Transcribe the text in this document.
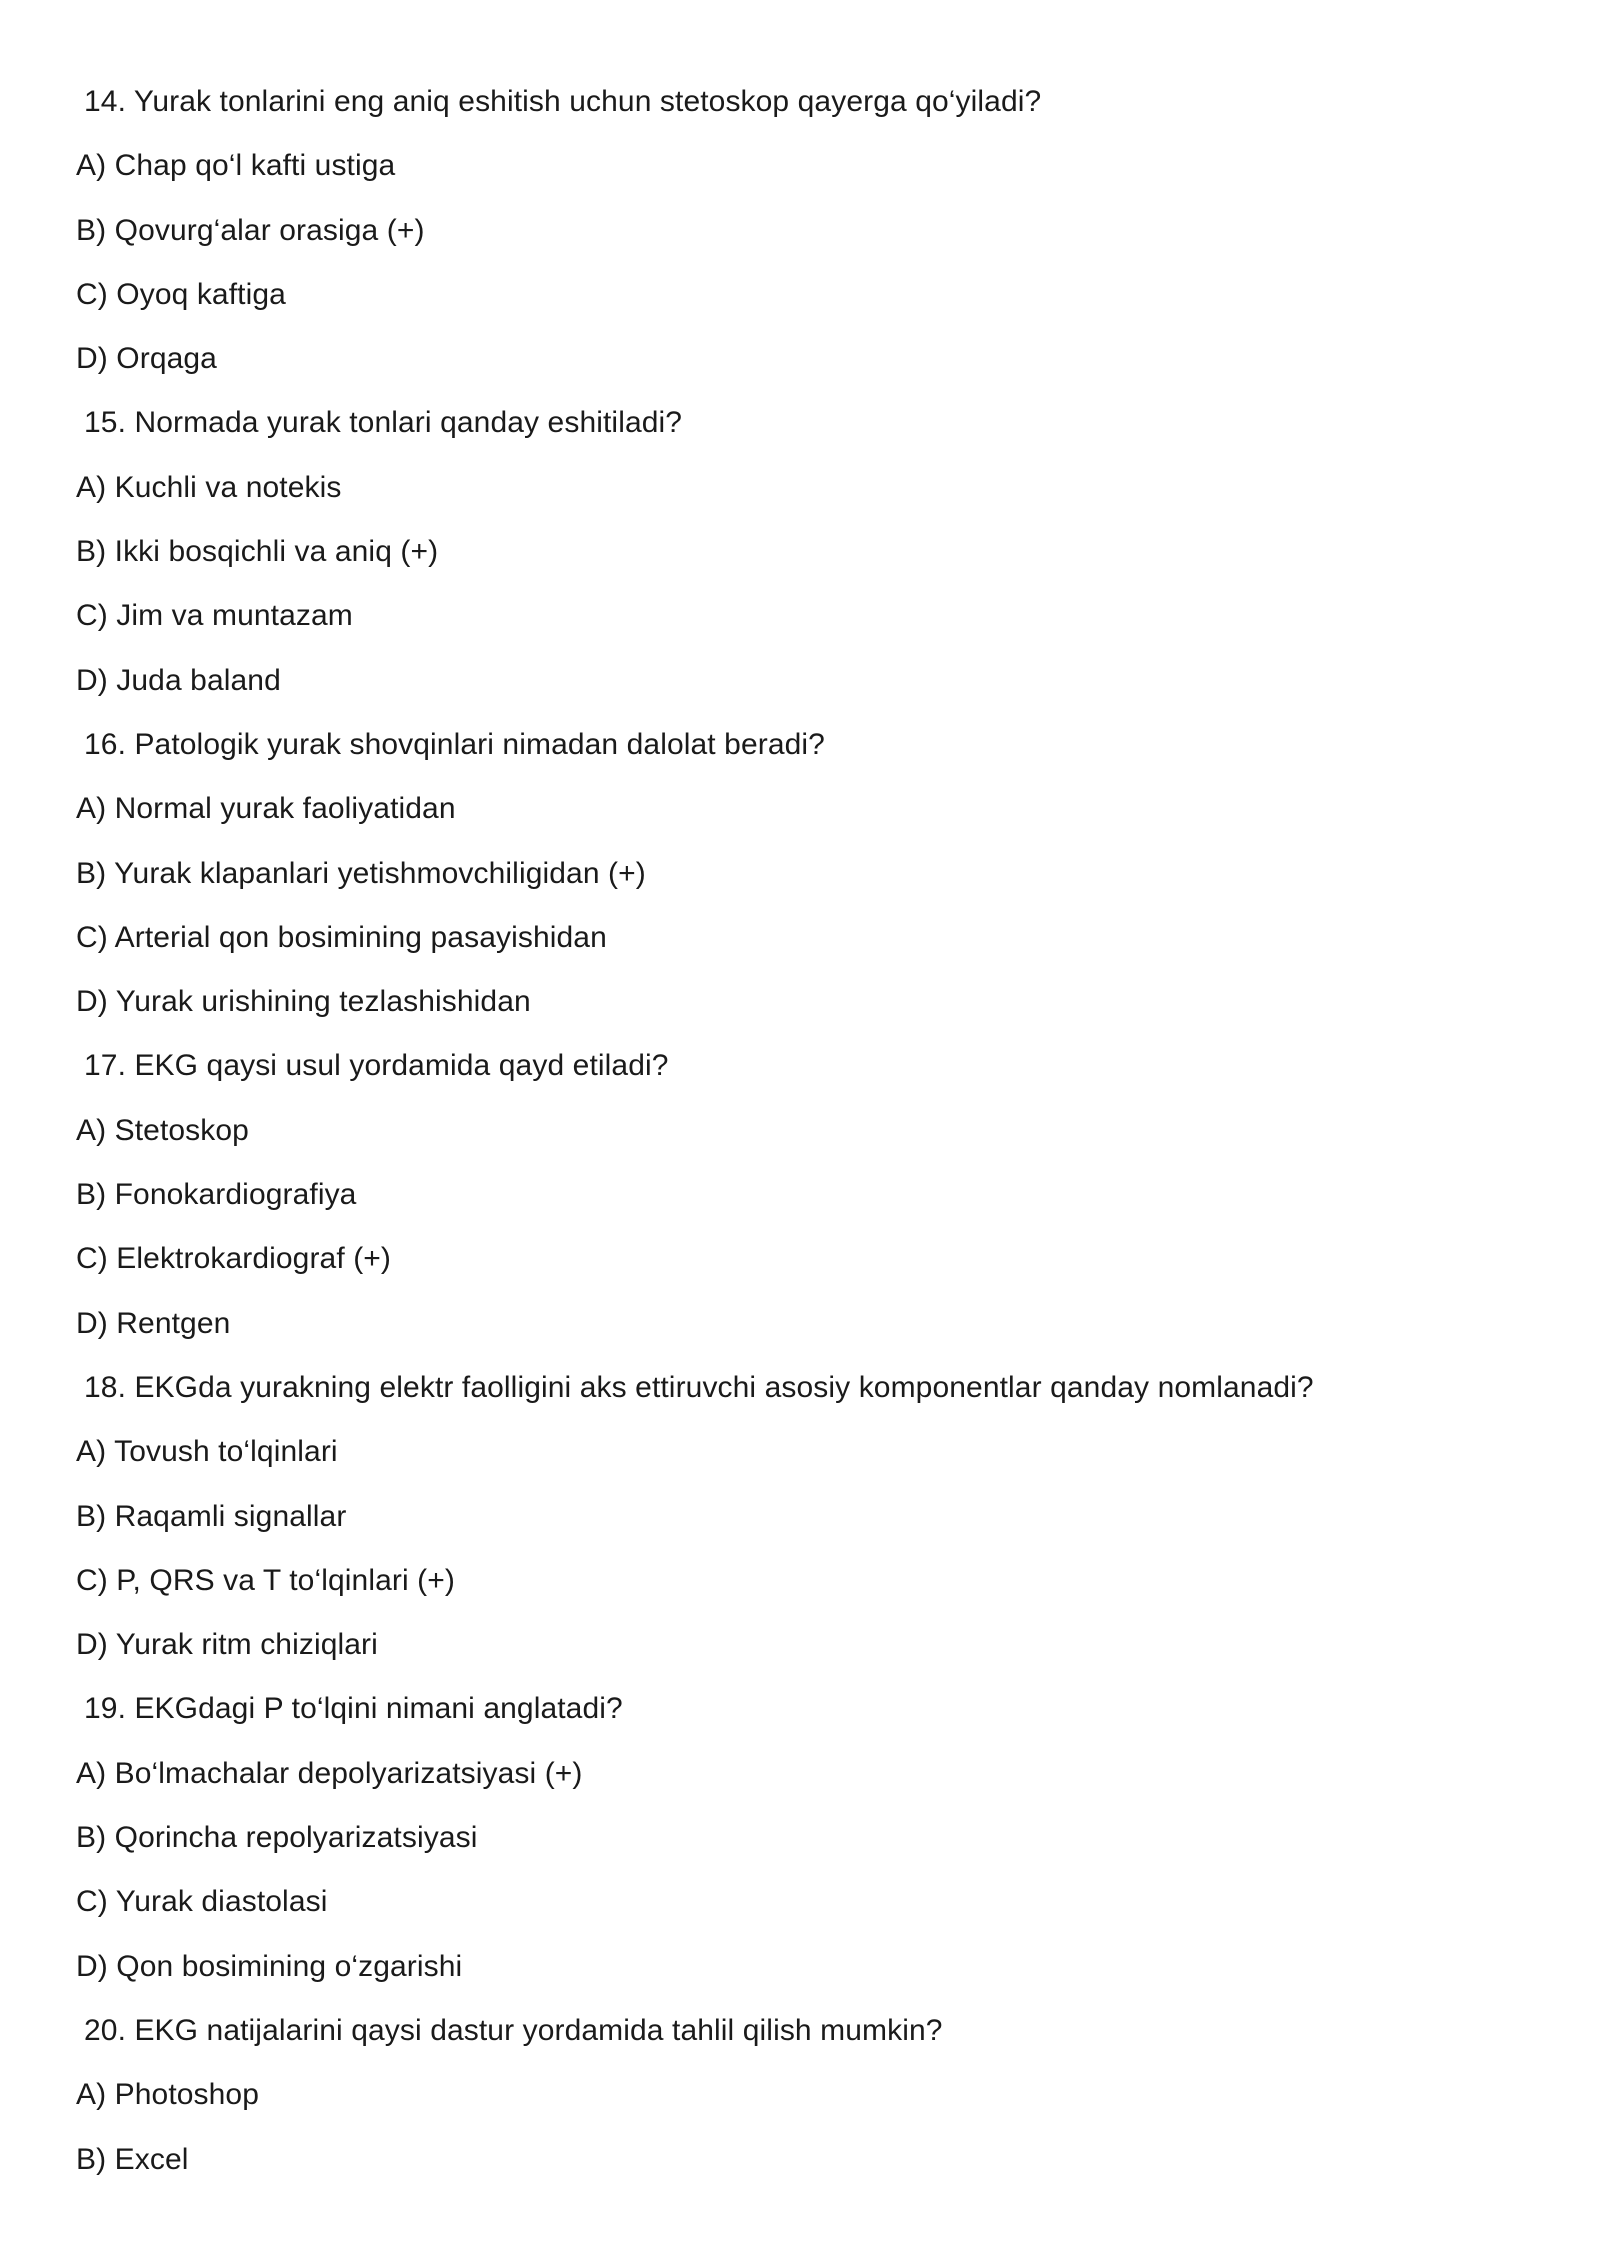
14. Yurak tonlarini eng aniq eshitish uchun stetoskop qayerga qo‘yiladi?
A) Chap qo‘l kafti ustiga
B) Qovurg‘alar orasiga (+)
C) Oyoq kaftiga
D) Orqaga
15. Normada yurak tonlari qanday eshitiladi?
A) Kuchli va notekis
B) Ikki bosqichli va aniq (+)
C) Jim va muntazam
D) Juda baland
16. Patologik yurak shovqinlari nimadan dalolat beradi?
A) Normal yurak faoliyatidan
B) Yurak klapanlari yetishmovchiligidan (+)
C) Arterial qon bosimining pasayishidan
D) Yurak urishining tezlashishidan
17. EKG qaysi usul yordamida qayd etiladi?
A) Stetoskop
B) Fonokardiografiya
C) Elektrokardiograf (+)
D) Rentgen
18. EKGda yurakning elektr faolligini aks ettiruvchi asosiy komponentlar qanday nomlanadi?
A) Tovush to‘lqinlari
B) Raqamli signallar
C) P, QRS va T to‘lqinlari (+)
D) Yurak ritm chiziqlari
19. EKGdagi P to‘lqini nimani anglatadi?
A) Bo‘lmachalar depolyarizatsiyasi (+)
B) Qorincha repolyarizatsiyasi
C) Yurak diastolasi
D) Qon bosimining o‘zgarishi
20. EKG natijalarini qaysi dastur yordamida tahlil qilish mumkin?
A) Photoshop
B) Excel
